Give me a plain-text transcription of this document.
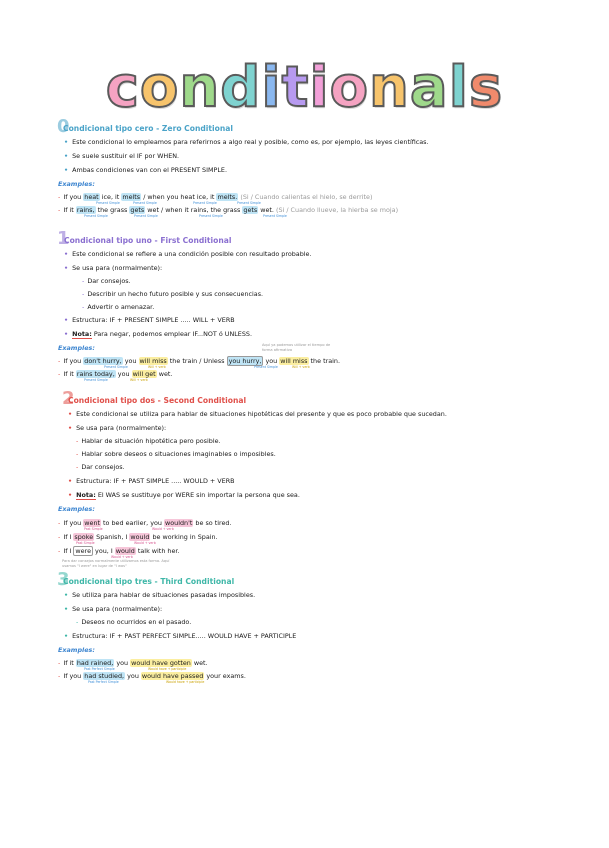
conditionals
0
Condicional tipo cero - Zero Conditional
• Este condicional lo empleamos para referirnos a algo real y posible, como es, por ejemplo, las leyes científicas.
• Se suele sustituir el IF por WHEN.
• Ambas condiciones van con el PRESENT SIMPLE.
Examples:
- If you heat ice, it melts / when you heat ice, it melts. (Si / Cuando calientas el hielo, se derrite)
Present Simple	Present Simple	Present Simple	Present Simple
- If it rains, the grass gets wet / when it rains, the grass gets wet. (Si / Cuando llueve, la hierba se moja)
Present Simple	Present Simple	Present Simple	Present Simple
1
Condicional tipo uno - First Conditional
• Este condicional se refiere a una condición posible con resultado probable.
• Se usa para (normalmente):
- Dar consejos.
- Describir un hecho futuro posible y sus consecuencias.
- Advertir o amenazar.
• Estructura: IF + PRESENT SIMPLE ..... WILL + VERB
• Nota: Para negar, podemos emplear IF...NOT ó UNLESS.
Examples:	Aquí ya podemos utilizar el tiempo de forma afirmativa
- If you don't hurry, you will miss the train / Unless you hurry, you will miss the train.
Present Simple	Will + verb	Present Simple	Will + verb
- If it rains today, you will get wet.
Present Simple	Will + verb
2
Condicional tipo dos - Second Conditional
• Este condicional se utiliza para hablar de situaciones hipotéticas del presente y que es poco probable que sucedan.
• Se usa para (normalmente):
- Hablar de situación hipotética pero posible.
- Hablar sobre deseos o situaciones imaginables o imposibles.
- Dar consejos.
• Estructura: IF + PAST SIMPLE ..... WOULD + VERB
• Nota: El WAS se sustituye por WERE sin importar la persona que sea.
Examples:
- If you went to bed earlier, you wouldn't be so tired.
Past Simple	Would + verb
- If I spoke Spanish, I would be working in Spain.
Past Simple	Would + verb
- If I were you, I would talk with her.
Would + verb
Para dar consejos normalmente utilizamos esta forma. Aquí usamos "I were" en lugar de "I was"
3
Condicional tipo tres - Third Conditional
• Se utiliza para hablar de situaciones pasadas imposibles.
• Se usa para (normalmente):
- Deseos no ocurridos en el pasado.
• Estructura: IF + PAST PERFECT SIMPLE..... WOULD HAVE + PARTICIPLE
Examples:
- If it had rained, you would have gotten wet.
Past Perfect Simple	Would have + participle
- If you had studied, you would have passed your exams.
Past Perfect Simple	Would have + participle
